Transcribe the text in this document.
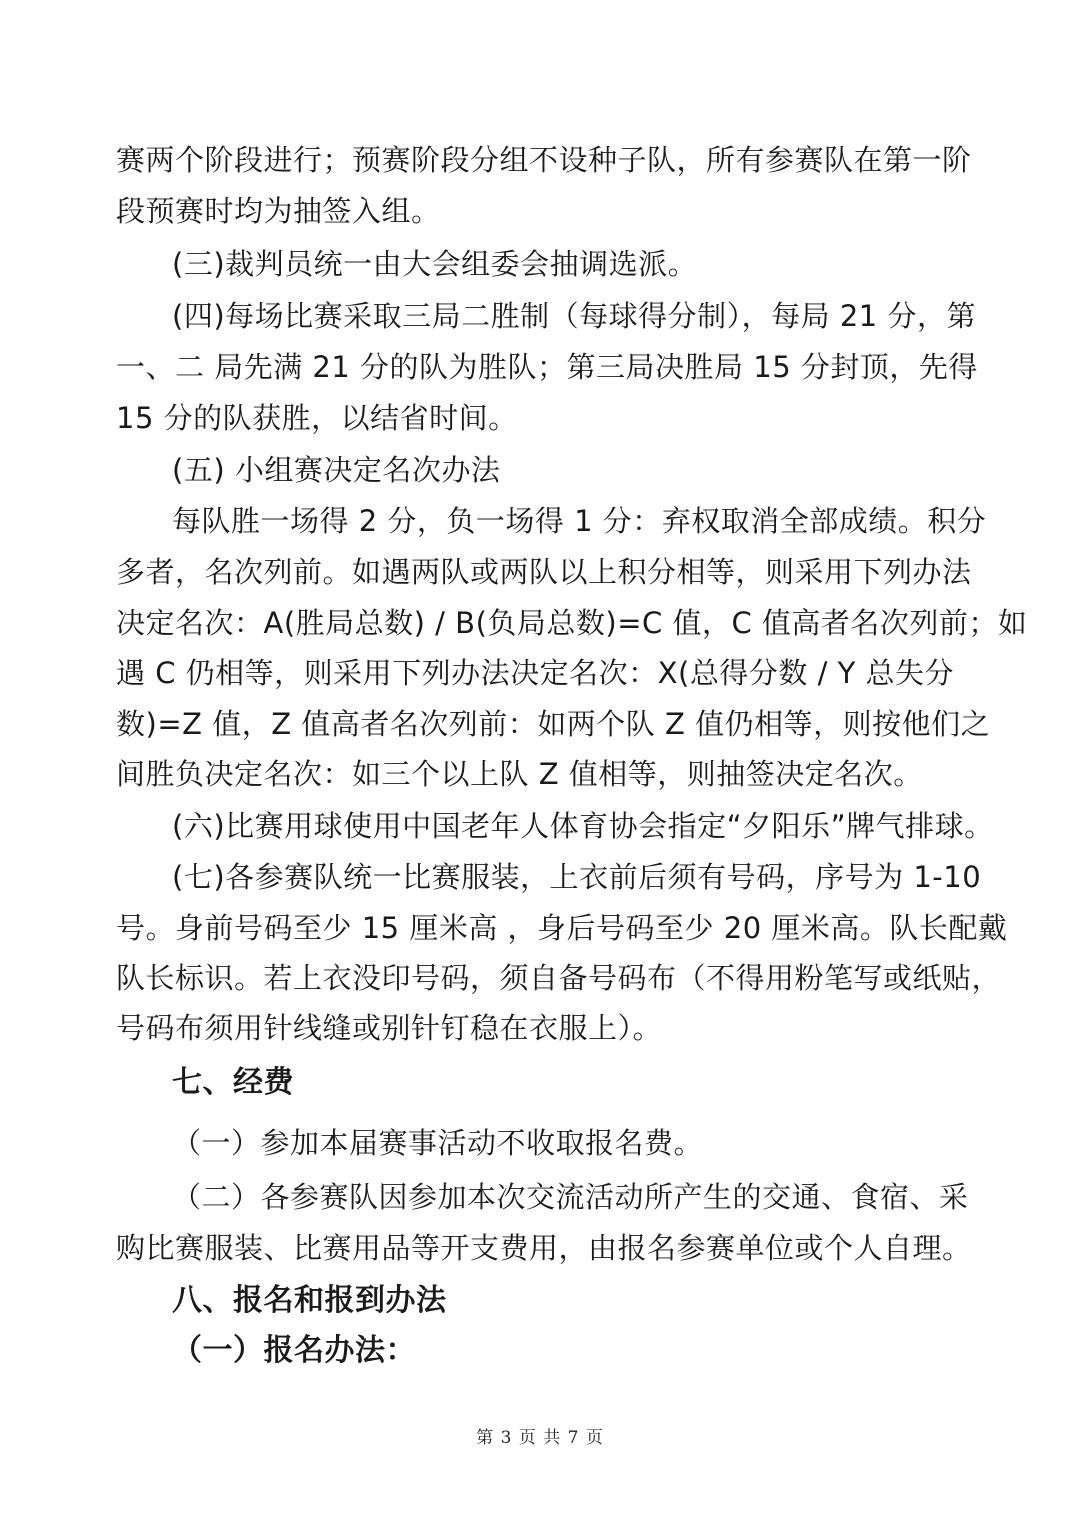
赛两个阶段进行；预赛阶段分组不设种子队，所有参赛队在第一阶
段预赛时均为抽签入组。
(三)裁判员统一由大会组委会抽调选派。
(四)每场比赛采取三局二胜制（每球得分制），每局 21 分，第
一、二 局先满 21 分的队为胜队；第三局决胜局 15 分封顶，先得
15 分的队获胜，以结省时间。
(五) 小组赛决定名次办法
每队胜一场得 2 分，负一场得 1 分：弃权取消全部成绩。积分
多者，名次列前。如遇两队或两队以上积分相等，则采用下列办法
决定名次：A(胜局总数) / B(负局总数)=C 值，C 值高者名次列前；如
遇 C 仍相等，则采用下列办法决定名次：X(总得分数 / Y 总失分
数)=Z 值，Z 值高者名次列前：如两个队 Z 值仍相等，则按他们之
间胜负决定名次：如三个以上队 Z 值相等，则抽签决定名次。
(六)比赛用球使用中国老年人体育协会指定“夕阳乐”牌气排球。
(七)各参赛队统一比赛服装，上衣前后须有号码，序号为 1-10
号。身前号码至少 15 厘米高 ，身后号码至少 20 厘米高。队长配戴
队长标识。若上衣没印号码，须自备号码布（不得用粉笔写或纸贴，
号码布须用针线缝或别针钉稳在衣服上）。
七、经费
（一）参加本届赛事活动不收取报名费。
（二）各参赛队因参加本次交流活动所产生的交通、食宿、采
购比赛服装、比赛用品等开支费用，由报名参赛单位或个人自理。
八、报名和报到办法
（一）报名办法：
第 3 页 共 7 页
